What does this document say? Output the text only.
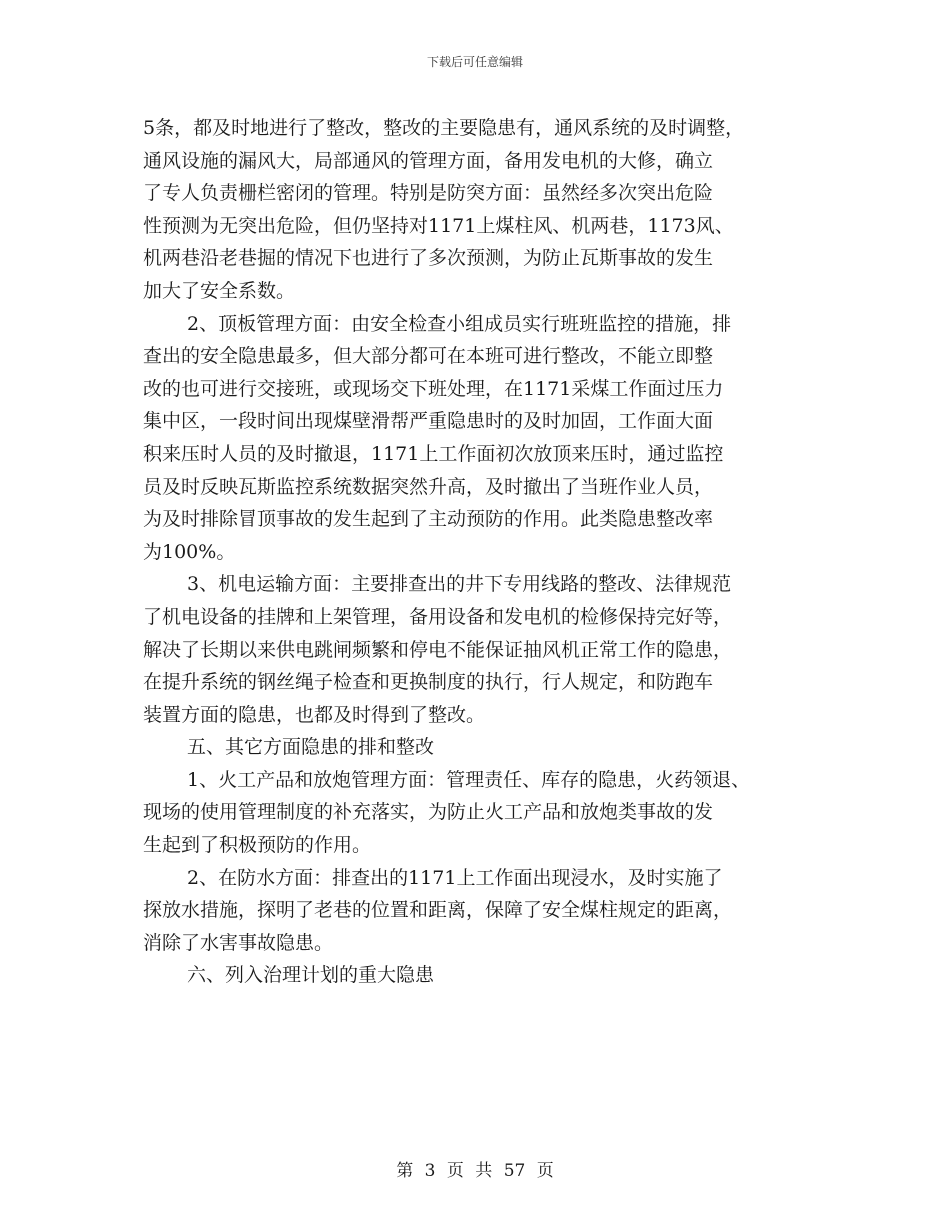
下载后可任意编辑
5条，都及时地进行了整改，整改的主要隐患有，通风系统的及时调整，
通风设施的漏风大，局部通风的管理方面，备用发电机的大修，确立
了专人负责栅栏密闭的管理。特别是防突方面：虽然经多次突出危险
性预测为无突出危险，但仍坚持对1171上煤柱风、机两巷，1173风、
机两巷沿老巷掘的情况下也进行了多次预测，为防止瓦斯事故的发生
加大了安全系数。
2、顶板管理方面：由安全检查小组成员实行班班监控的措施，排
查出的安全隐患最多，但大部分都可在本班可进行整改，不能立即整
改的也可进行交接班，或现场交下班处理，在1171采煤工作面过压力
集中区，一段时间出现煤壁滑帮严重隐患时的及时加固，工作面大面
积来压时人员的及时撤退，1171上工作面初次放顶来压时，通过监控
员及时反映瓦斯监控系统数据突然升高，及时撤出了当班作业人员，
为及时排除冒顶事故的发生起到了主动预防的作用。此类隐患整改率
为100%。
3、机电运输方面：主要排查出的井下专用线路的整改、法律规范
了机电设备的挂牌和上架管理，备用设备和发电机的检修保持完好等，
解决了长期以来供电跳闸频繁和停电不能保证抽风机正常工作的隐患，
在提升系统的钢丝绳子检查和更换制度的执行，行人规定，和防跑车
装置方面的隐患，也都及时得到了整改。
五、其它方面隐患的排和整改
1、火工产品和放炮管理方面：管理责任、库存的隐患，火药领退、
现场的使用管理制度的补充落实，为防止火工产品和放炮类事故的发
生起到了积极预防的作用。
2、在防水方面：排查出的1171上工作面出现浸水，及时实施了
探放水措施，探明了老巷的位置和距离，保障了安全煤柱规定的距离，
消除了水害事故隐患。
六、列入治理计划的重大隐患
第 3 页 共 57 页
